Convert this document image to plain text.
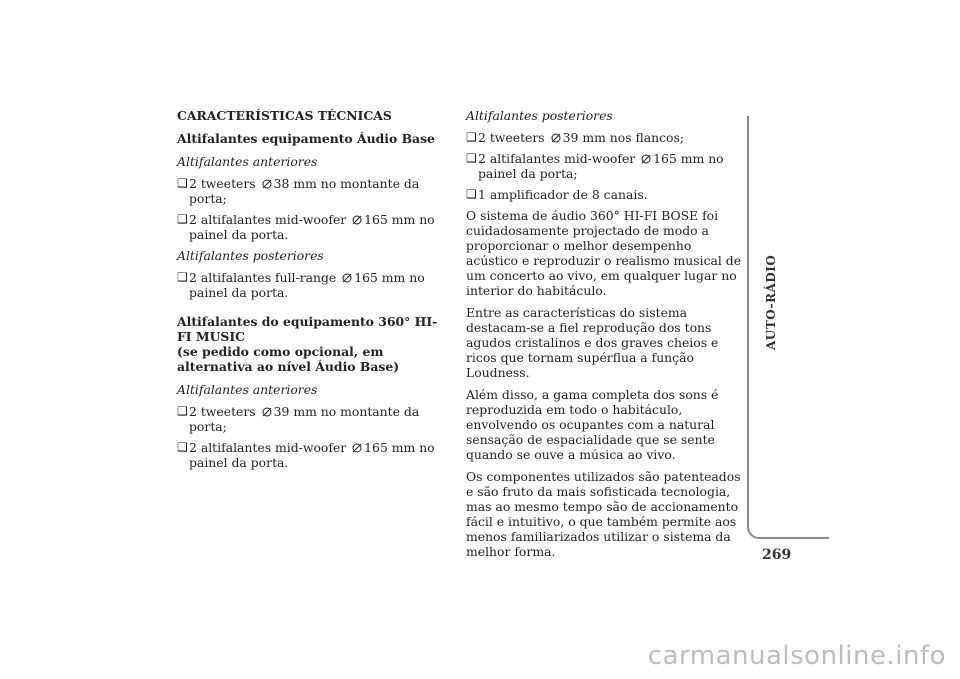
CARACTERÍSTICAS TÉCNICAS
Altifalantes equipamento Áudio Base
Altifalantes anteriores
❑ 2 tweeters
38 mm no montante da porta;
❑ 2 altifalantes mid-woofer
165 mm no painel da porta.
Altifalantes posteriores
❑ 2 altifalantes full-range
165 mm no painel da porta.
Altifalantes do equipamento 360° HI-FI MUSIC
(se pedido como opcional, em alternativa ao nível Áudio Base)
Altifalantes anteriores
❑ 2 tweeters
39 mm no montante da porta;
❑ 2 altifalantes mid-woofer
165 mm no painel da porta.
Altifalantes posteriores
❑ 2 tweeters
39 mm nos flancos;
❑ 2 altifalantes mid-woofer
165 mm no painel da porta;
❑ 1 amplificador de 8 canais.
O sistema de áudio 360° HI-FI BOSE foi cuidadosamente projectado de modo a proporcionar o melhor desempenho acústico e reproduzir o realismo musical de um concerto ao vivo, em qualquer lugar no interior do habitáculo.
Entre as características do sistema destacam-se a fiel reprodução dos tons agudos cristalinos e dos graves cheios e ricos que tornam supérflua a função Loudness.
Além disso, a gama completa dos sons é reproduzida em todo o habitáculo, envolvendo os ocupantes com a natural sensação de espacialidade que se sente quando se ouve a música ao vivo.
Os componentes utilizados são patenteados e são fruto da mais sofisticada tecnologia, mas ao mesmo tempo são de accionamento fácil e intuitivo, o que também permite aos menos familiarizados utilizar o sistema da melhor forma.
AUTO-RÁDIO
269
carmanualsonline.info
